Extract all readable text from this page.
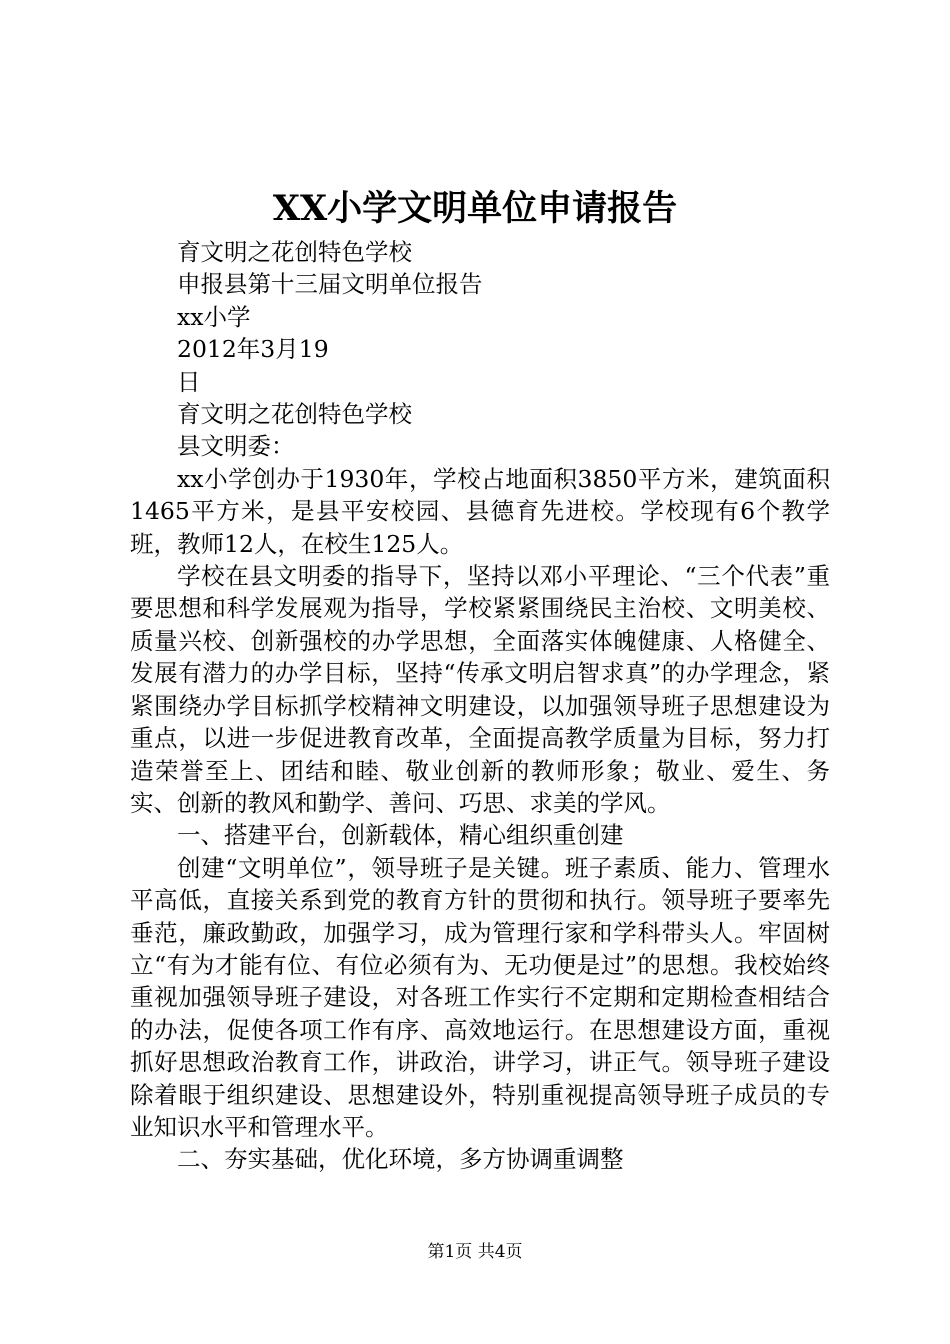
XX小学文明单位申请报告

育文明之花创特色学校

申报县第十三届文明单位报告

xx小学

2012年3月19

日

育文明之花创特色学校

县文明委：

xx小学创办于1930年，学校占地面积3850平方米，建筑面积1465平方米，是县平安校园、县德育先进校。学校现有6个教学班，教师12人，在校生125人。

学校在县文明委的指导下，坚持以邓小平理论、“三个代表”重要思想和科学发展观为指导，学校紧紧围绕民主治校、文明美校、质量兴校、创新强校的办学思想，全面落实体魄健康、人格健全、发展有潜力的办学目标，坚持“传承文明启智求真”的办学理念，紧紧围绕办学目标抓学校精神文明建设，以加强领导班子思想建设为重点，以进一步促进教育改革，全面提高教学质量为目标，努力打造荣誉至上、团结和睦、敬业创新的教师形象；敬业、爱生、务实、创新的教风和勤学、善问、巧思、求美的学风。

一、搭建平台，创新载体，精心组织重创建

创建“文明单位”，领导班子是关键。班子素质、能力、管理水平高低，直接关系到党的教育方针的贯彻和执行。领导班子要率先垂范，廉政勤政，加强学习，成为管理行家和学科带头人。牢固树立“有为才能有位、有位必须有为、无功便是过”的思想。我校始终重视加强领导班子建设，对各班工作实行不定期和定期检查相结合的办法，促使各项工作有序、高效地运行。在思想建设方面，重视抓好思想政治教育工作，讲政治，讲学习，讲正气。领导班子建设除着眼于组织建设、思想建设外，特别重视提高领导班子成员的专业知识水平和管理水平。

二、夯实基础，优化环境，多方协调重调整

第1页 共4页
